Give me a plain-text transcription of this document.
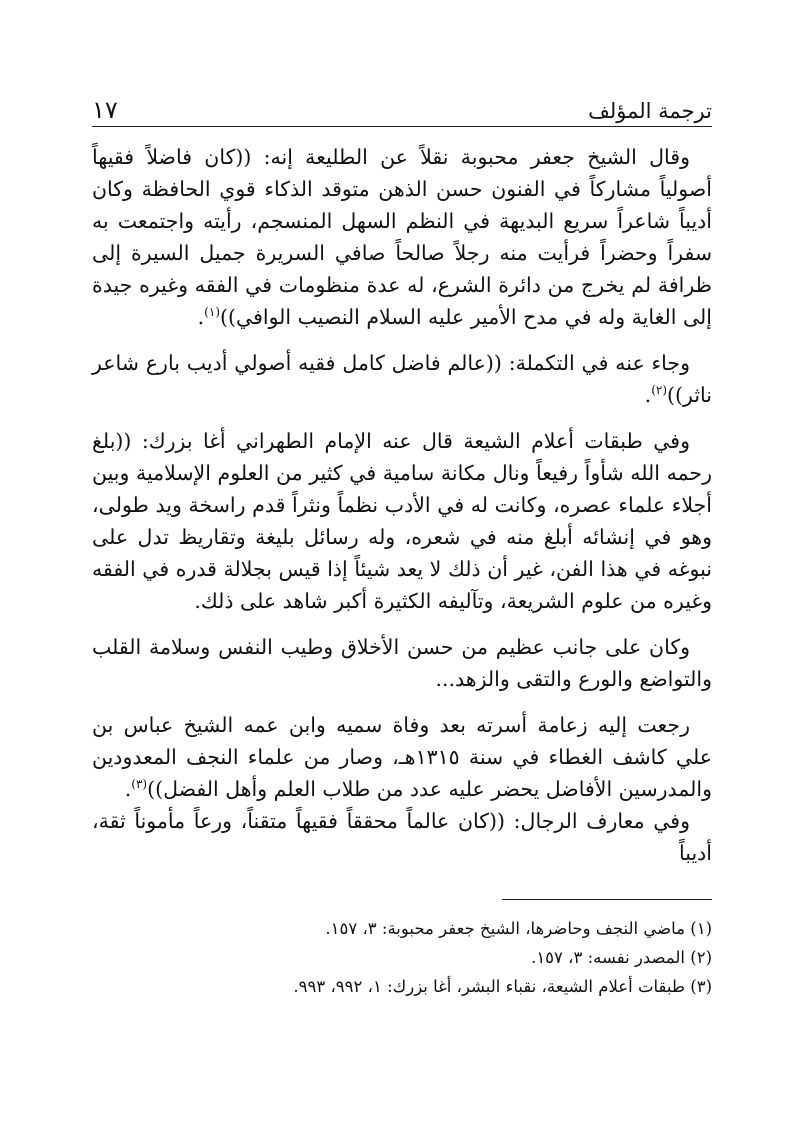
ترجمة المؤلف
١٧

وقال الشيخ جعفر محبوبة نقلاً عن الطليعة إنه: ((كان فاضلاً فقيهاً أصولياً مشاركاً في الفنون حسن الذهن متوقد الذكاء قوي الحافظة وكان أديباً شاعراً سريع البديهة في النظم السهل المنسجم، رأيته واجتمعت به سفراً وحضراً فرأيت منه رجلاً صالحاً صافي السريرة جميل السيرة إلى ظرافة لم يخرج من دائرة الشرع، له عدة منظومات في الفقه وغيره جيدة إلى الغاية وله في مدح الأمير عليه السلام النصيب الوافي))$^{(١)}$.

وجاء عنه في التكملة: ((عالم فاضل كامل فقيه أصولي أديب بارع شاعر ناثر))$^{(٢)}$.

وفي طبقات أعلام الشيعة قال عنه الإمام الطهراني أغا بزرك: ((بلغ رحمه الله شأواً رفيعاً ونال مكانة سامية في كثير من العلوم الإسلامية وبين أجلاء علماء عصره، وكانت له في الأدب نظماً ونثراً قدم راسخة ويد طولى، وهو في إنشائه أبلغ منه في شعره، وله رسائل بليغة وتقاريظ تدل على نبوغه في هذا الفن، غير أن ذلك لا يعد شيئاً إذا قيس بجلالة قدره في الفقه وغيره من علوم الشريعة، وتآليفه الكثيرة أكبر شاهد على ذلك.

وكان على جانب عظيم من حسن الأخلاق وطيب النفس وسلامة القلب والتواضع والورع والتقى والزهد...

رجعت إليه زعامة أسرته بعد وفاة سميه وابن عمه الشيخ عباس بن علي كاشف الغطاء في سنة ١٣١٥هـ، وصار من علماء النجف المعدودين والمدرسين الأفاضل يحضر عليه عدد من طلاب العلم وأهل الفضل))$^{(٣)}$.

وفي معارف الرجال: ((كان عالماً محققاً فقيهاً متقناً، ورعاً مأموناً ثقة، أديباً

(١) ماضي النجف وحاضرها، الشيخ جعفر محبوبة: ٣، ١٥٧.
(٢) المصدر نفسه: ٣، ١٥٧.
(٣) طبقات أعلام الشيعة، نقباء البشر، أغا بزرك: ١، ٩٩٢، ٩٩٣.
